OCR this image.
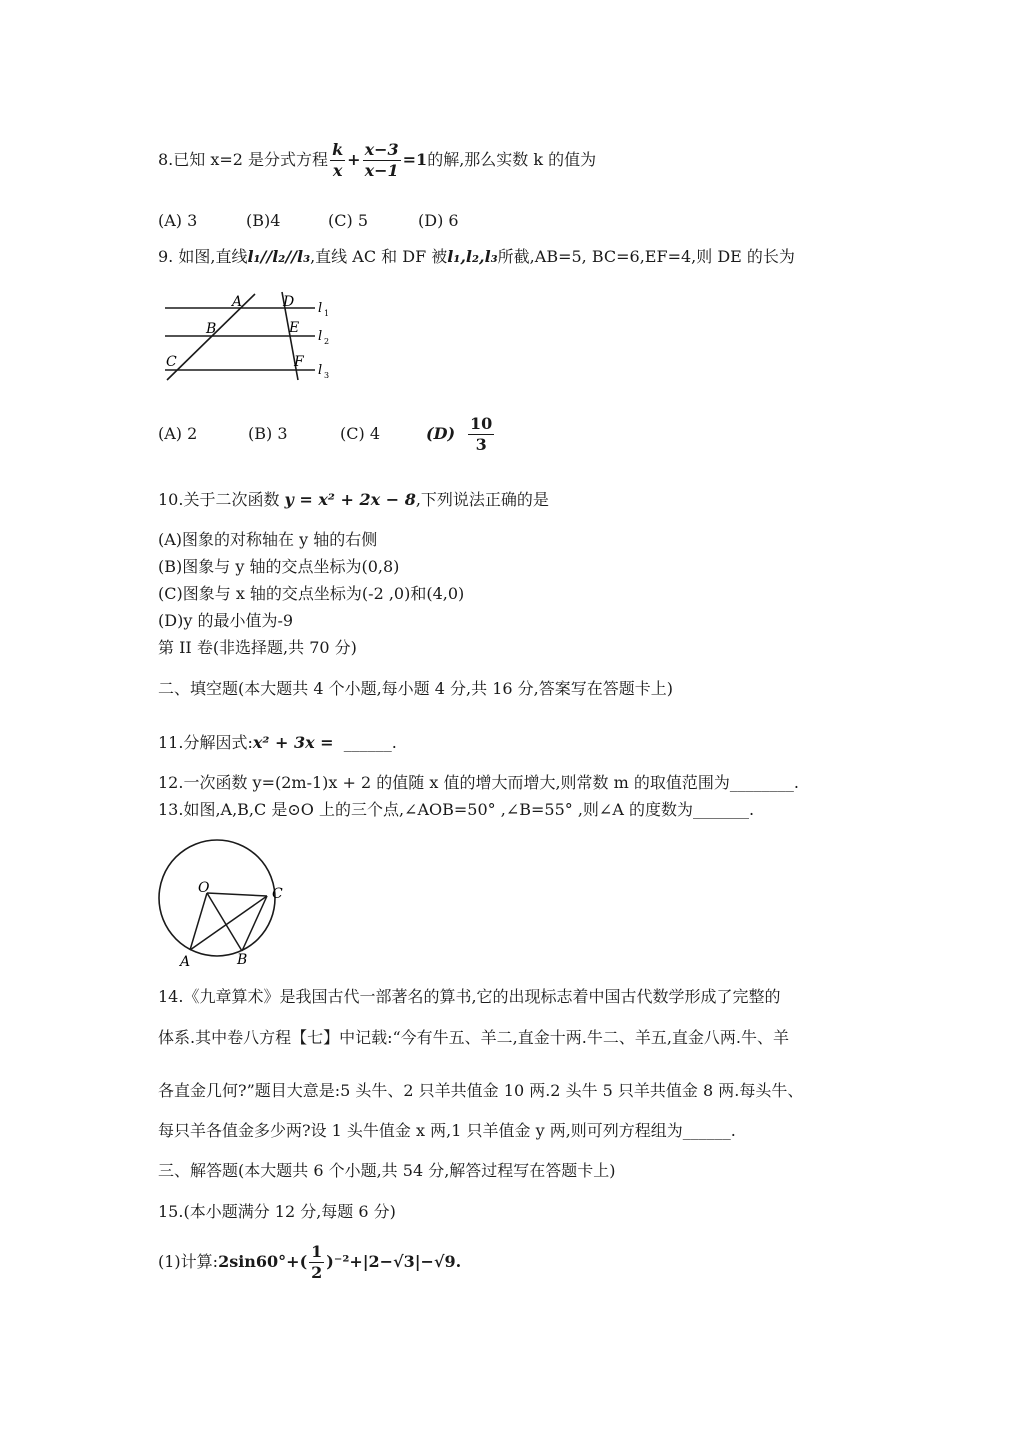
8.已知 x=2 是分式方程 $\frac{k}{x} + \frac{x-3}{x-1} =1$的解,那么实数 k 的值为
(A) 3	(B)4	(C) 5	(D) 6
9. 如图,直线l₁//l₂//l₃,直线 AC 和 DF 被l₁,l₂,l₃所截,AB=5, BC=6,EF=4,则 DE 的长为
A	D
B	E
C	F
l 1
l 2
l 3
(A) 2	(B) 3	(C) 4	$(D) \frac{10}{3}$
10.关于二次函数 y = x² + 2x − 8,下列说法正确的是
(A)图象的对称轴在 y 轴的右侧
(B)图象与 y 轴的交点坐标为(0,8)
(C)图象与 x 轴的交点坐标为(-2 ,0)和(4,0)
(D)y 的最小值为-9
第 II 卷(非选择题,共 70 分)
二、填空题(本大题共 4 个小题,每小题 4 分,共 16 分,答案写在答题卡上)
11.分解因式:x² + 3x = ______.
12.一次函数 y=(2m-1)x + 2 的值随 x 值的增大而增大,则常数 m 的取值范围为________.
13.如图,A,B,C 是⊙O 上的三个点,∠AOB=50° ,∠B=55° ,则∠A 的度数为_______.
O	C
A	B
14.《九章算术》是我国古代一部著名的算书,它的出现标志着中国古代数学形成了完整的
体系.其中卷八方程【七】中记载:“今有牛五、羊二,直金十两.牛二、羊五,直金八两.牛、羊
各直金几何?”题目大意是:5 头牛、2 只羊共值金 10 两.2 头牛 5 只羊共值金 8 两.每头牛、
每只羊各值金多少两?设 1 头牛值金 x 两,1 只羊值金 y 两,则可列方程组为______.
三、解答题(本大题共 6 个小题,共 54 分,解答过程写在答题卡上)
15.(本小题满分 12 分,每题 6 分)
(1)计算:2sin60°+( $\frac{1}{2} )^{-2}+|2-√3|-√9$.
